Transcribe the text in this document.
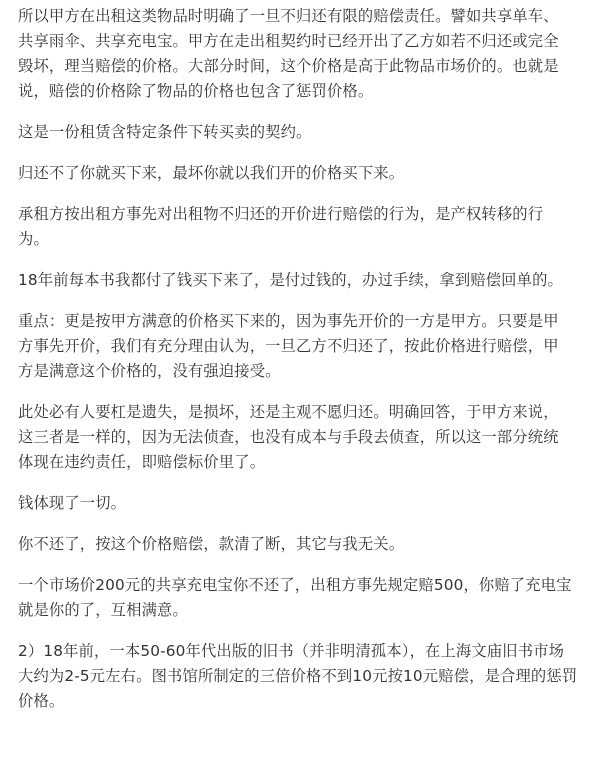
所以甲方在出租这类物品时明确了一旦不归还有限的赔偿责任。譬如共享单车、
共享雨伞、共享充电宝。甲方在走出租契约时已经开出了乙方如若不归还或完全
毁坏，理当赔偿的价格。大部分时间，这个价格是高于此物品市场价的。也就是
说，赔偿的价格除了物品的价格也包含了惩罚价格。

这是一份租赁含特定条件下转买卖的契约。

归还不了你就买下来，最坏你就以我们开的价格买下来。

承租方按出租方事先对出租物不归还的开价进行赔偿的行为，是产权转移的行
为。

18年前每本书我都付了钱买下来了，是付过钱的，办过手续，拿到赔偿回单的。

重点：更是按甲方满意的价格买下来的，因为事先开价的一方是甲方。只要是甲
方事先开价，我们有充分理由认为，一旦乙方不归还了，按此价格进行赔偿，甲
方是满意这个价格的，没有强迫接受。

此处必有人要杠是遗失，是损坏，还是主观不愿归还。明确回答，于甲方来说，
这三者是一样的，因为无法侦查，也没有成本与手段去侦查，所以这一部分统统
体现在违约责任，即赔偿标价里了。

钱体现了一切。

你不还了，按这个价格赔偿，款清了断，其它与我无关。

一个市场价200元的共享充电宝你不还了，出租方事先规定赔500，你赔了充电宝
就是你的了，互相满意。

2）18年前，一本50-60年代出版的旧书（并非明清孤本），在上海文庙旧书市场
大约为2-5元左右。图书馆所制定的三倍价格不到10元按10元赔偿，是合理的惩罚
价格。
